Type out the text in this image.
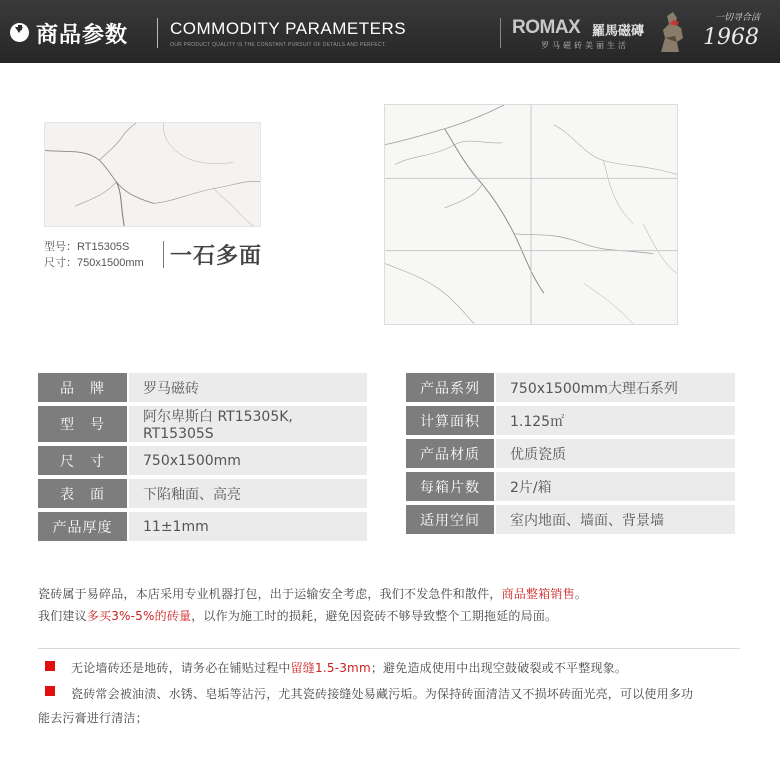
商品参数 COMMODITY PARAMETERS
OUR PRODUCT QUALITY IS THE CONSTANT PURSUIT OF DETAILS AND PERFECT.
ROMAX 羅馬磁磚
罗马磁砖美丽生活
一切寻合洁
1968
型号：RT15305S
尺寸：750x1500mm 一石多面
品　牌	罗马磁砖
型　号	阿尔卑斯白 RT15305K, RT15305S
尺　寸	750x1500mm
表　面	下陷釉面、高亮
产品厚度	11±1mm
产品系列	750x1500mm大理石系列
计算面积	1.125㎡
产品材质	优质瓷质
每箱片数	2片/箱
适用空间	室内地面、墙面、背景墙
瓷砖属于易碎品，本店采用专业机器打包，出于运输安全考虑，我们不发急件和散件，商品整箱销售。
我们建议多买3%-5%的砖量，以作为施工时的损耗，避免因瓷砖不够导致整个工期拖延的局面。
无论墙砖还是地砖，请务必在铺贴过程中留缝1.5-3mm；避免造成使用中出现空鼓破裂或不平整现象。
瓷砖常会被油渍、水锈、皂垢等沾污，尤其瓷砖接缝处易藏污垢。为保持砖面清洁又不损坏砖面光亮，可以使用多功
能去污膏进行清洁；
